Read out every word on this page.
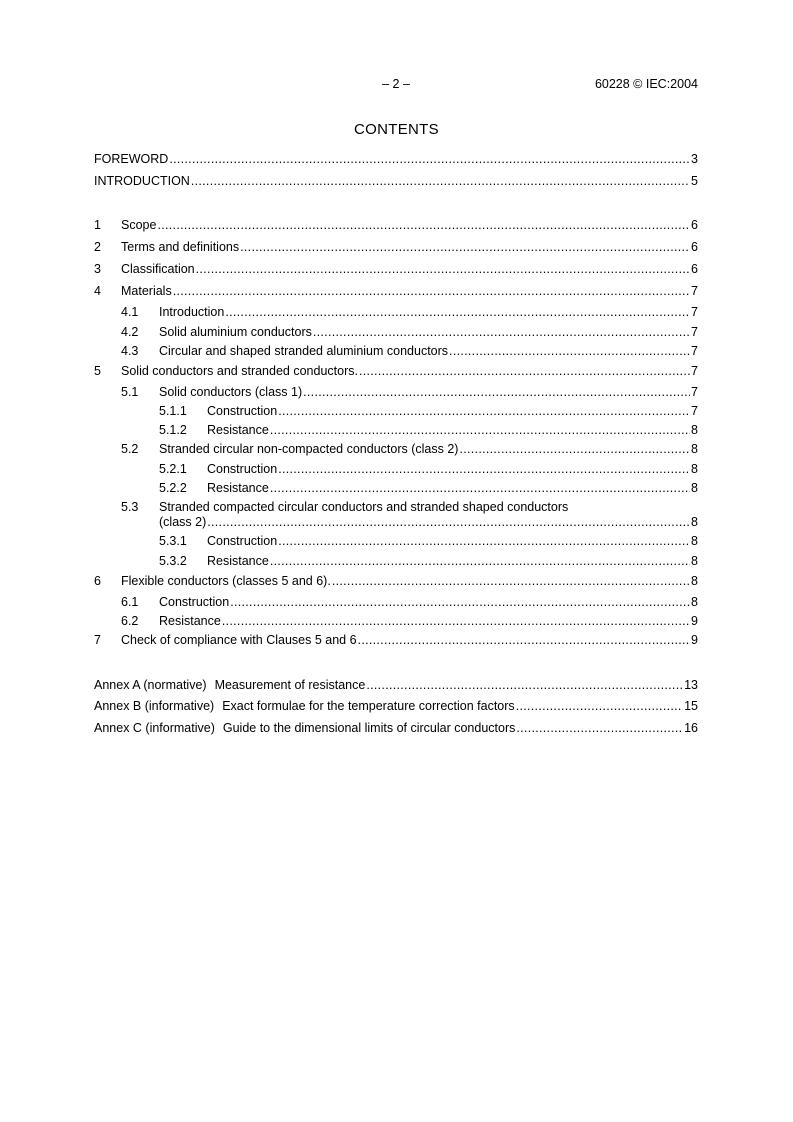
– 2 –	60228 © IEC:2004
CONTENTS
FOREWORD .....	3
INTRODUCTION .....	5
1	Scope .....	6
2	Terms and definitions .....	6
3	Classification .....	6
4	Materials .....	7
4.1	Introduction .....	7
4.2	Solid aluminium conductors .....	7
4.3	Circular and shaped stranded aluminium conductors .....	7
5	Solid conductors and stranded conductors. .....	7
5.1	Solid conductors (class 1) .....	7
5.1.1	Construction .....	7
5.1.2	Resistance .....	8
5.2	Stranded circular non-compacted conductors (class 2) .....	8
5.2.1	Construction .....	8
5.2.2	Resistance .....	8
5.3 Stranded compacted circular conductors and stranded shaped conductors
(class 2) .....	8
5.3.1	Construction .....	8
5.3.2	Resistance .....	8
6	Flexible conductors (classes 5 and 6). .....	8
6.1	Construction .....	8
6.2	Resistance .....	9
7	Check of compliance with Clauses 5 and 6 .....	9
Annex A (normative) Measurement of resistance .....	13
Annex B (informative) Exact formulae for the temperature correction factors .....	15
Annex C (informative) Guide to the dimensional limits of circular conductors .....	16
